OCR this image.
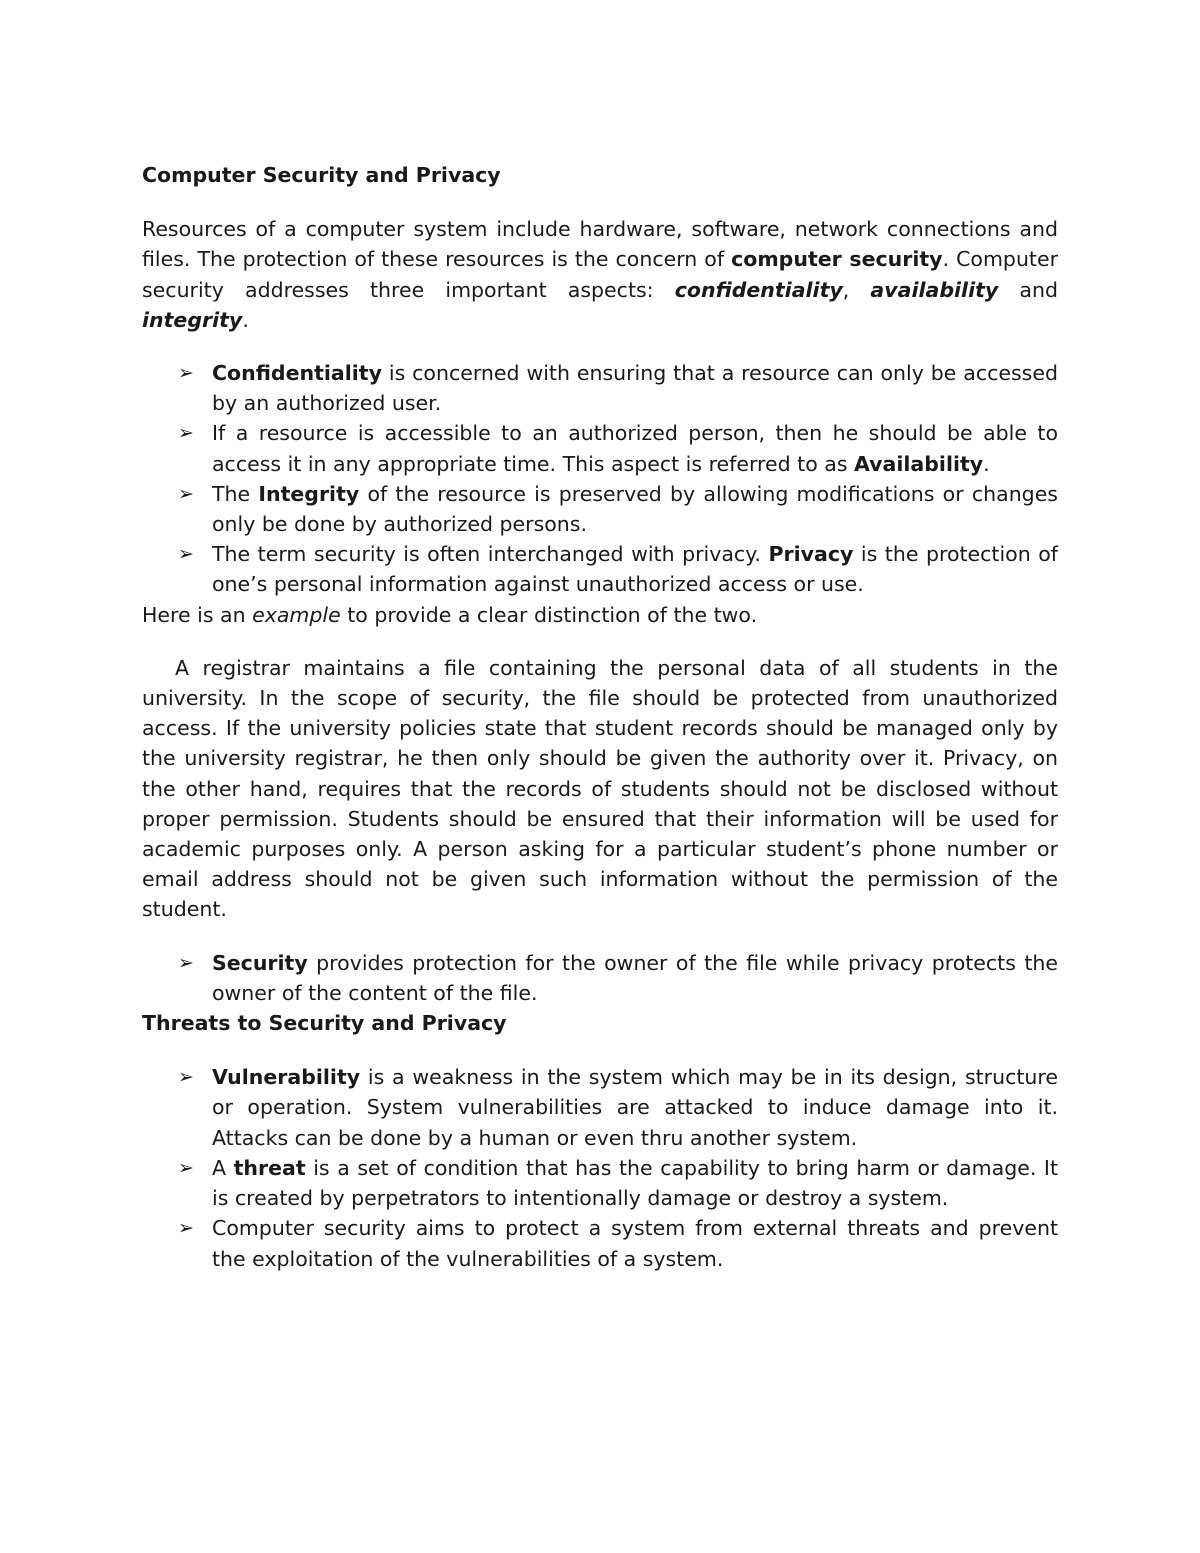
Computer Security and Privacy

Resources of a computer system include hardware, software, network connections and files. The protection of these resources is the concern of computer security. Computer security addresses three important aspects: confidentiality, availability and integrity.

➢ Confidentiality is concerned with ensuring that a resource can only be accessed by an authorized user.
➢ If a resource is accessible to an authorized person, then he should be able to access it in any appropriate time. This aspect is referred to as Availability.
➢ The Integrity of the resource is preserved by allowing modifications or changes only be done by authorized persons.
➢ The term security is often interchanged with privacy. Privacy is the protection of one’s personal information against unauthorized access or use.

Here is an example to provide a clear distinction of the two.

A registrar maintains a file containing the personal data of all students in the university. In the scope of security, the file should be protected from unauthorized access. If the university policies state that student records should be managed only by the university registrar, he then only should be given the authority over it. Privacy, on the other hand, requires that the records of students should not be disclosed without proper permission. Students should be ensured that their information will be used for academic purposes only. A person asking for a particular student’s phone number or email address should not be given such information without the permission of the student.

➢ Security provides protection for the owner of the file while privacy protects the owner of the content of the file.
Threats to Security and Privacy
➢ Vulnerability is a weakness in the system which may be in its design, structure or operation. System vulnerabilities are attacked to induce damage into it. Attacks can be done by a human or even thru another system.
➢ A threat is a set of condition that has the capability to bring harm or damage. It is created by perpetrators to intentionally damage or destroy a system.
➢ Computer security aims to protect a system from external threats and prevent the exploitation of the vulnerabilities of a system.
